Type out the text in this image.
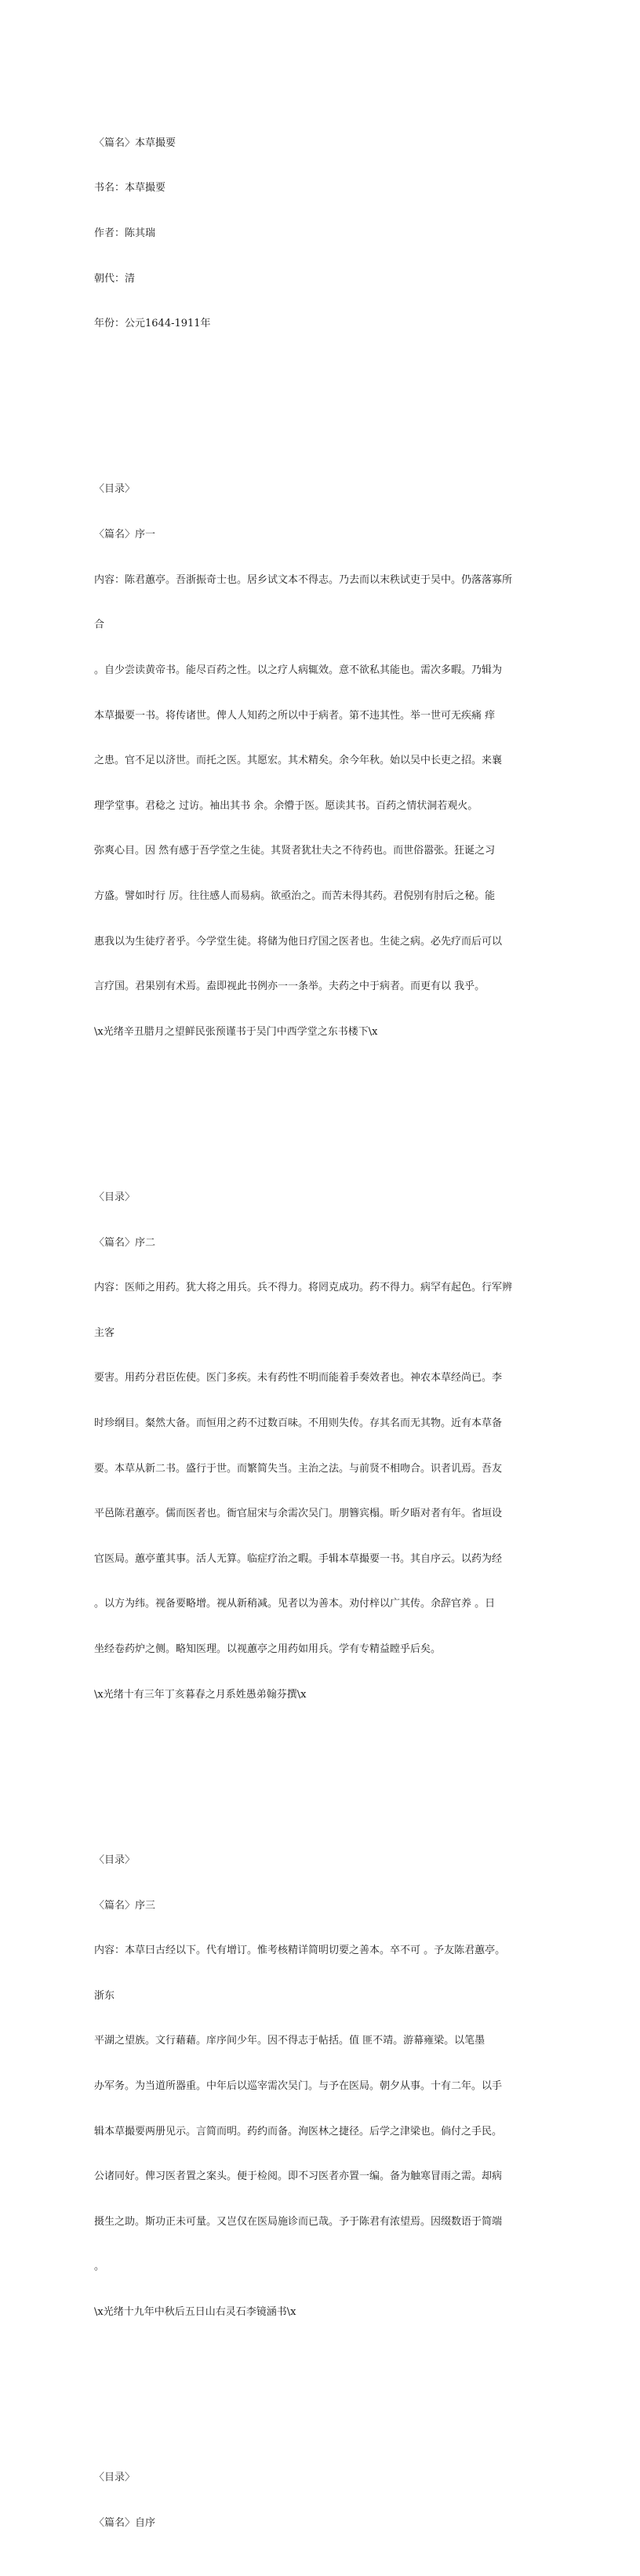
〈篇名〉本草撮要

书名：本草撮要

作者：陈其瑞

朝代：清

年份：公元1644-1911年

〈目录〉

〈篇名〉序一

内容：陈君蕙亭。吾浙振奇士也。居乡试文本不得志。乃去而以末秩试吏于吴中。仍落落寡所

合

。自少尝读黄帝书。能尽百药之性。以之疗人病辄效。意不欲私其能也。需次多暇。乃辑为

本草撮要一书。将传诸世。俾人人知药之所以中于病者。第不违其性。举一世可无疾痛 痒

之患。官不足以济世。而托之医。其愿宏。其术精矣。余今年秋。始以吴中长吏之招。来襄

理学堂事。君稔之 过访。袖出其书 余。余懵于医。愿读其书。百药之情状洞若观火。

弥爽心目。因 然有感于吾学堂之生徒。其贤者犹壮夫之不待药也。而世俗嚣张。狂诞之习

方盛。譬如时行 厉。往往感人而易病。欲亟治之。而苦未得其药。君倪别有肘后之秘。能

惠我以为生徒疗者乎。今学堂生徒。将储为他日疗国之医者也。生徒之病。必先疗而后可以

言疗国。君果别有术焉。盍即视此书例亦一一条举。夫药之中于病者。而更有以 我乎。

\x光绪辛丑腊月之望鲜民张预谨书于吴门中西学堂之东书楼下\x

〈目录〉

〈篇名〉序二

内容：医师之用药。犹大将之用兵。兵不得力。将罔克成功。药不得力。病罕有起色。行军辨

主客

要害。用药分君臣佐使。医门多疾。未有药性不明而能着手奏效者也。神农本草经尚已。李

时珍纲目。粲然大备。而恒用之药不过数百味。不用则失传。存其名而无其物。近有本草备

要。本草从新二书。盛行于世。而繁简失当。主治之法。与前贤不相吻合。识者讥焉。吾友

平邑陈君蕙亭。儒而医者也。衙官屈宋与余需次吴门。朋簪宾榻。昕夕晤对者有年。省垣设

官医局。蕙亭董其事。活人无算。临症疗治之暇。手辑本草撮要一书。其自序云。以药为经

。以方为纬。视备要略增。视从新稍减。见者以为善本。劝付梓以广其传。余辞官养 。日

坐经卷药炉之侧。略知医理。以视蕙亭之用药如用兵。学有专精益瞠乎后矣。

\x光绪十有三年丁亥暮春之月系姓愚弟翰芬撰\x

〈目录〉

〈篇名〉序三

内容：本草曰古经以下。代有增订。惟考核精详简明切要之善本。卒不可 。予友陈君蕙亭。

浙东

平湖之望族。文行藉藉。庠序间少年。因不得志于帖括。值 匪不靖。游幕雍梁。以笔墨

办军务。为当道所器重。中年后以巡宰需次吴门。与予在医局。朝夕从事。十有二年。以手

辑本草撮要两册见示。言简而明。药约而备。洵医林之捷径。后学之津梁也。倘付之手民。

公诸同好。俾习医者置之案头。便于检阅。即不习医者亦置一编。备为触寒冒雨之需。却病

摄生之助。斯功正未可量。又岂仅在医局施诊而已哉。予于陈君有浓望焉。因缀数语于简端

。

\x光绪十九年中秋后五日山右灵石李镜涵书\x

〈目录〉

〈篇名〉自序
